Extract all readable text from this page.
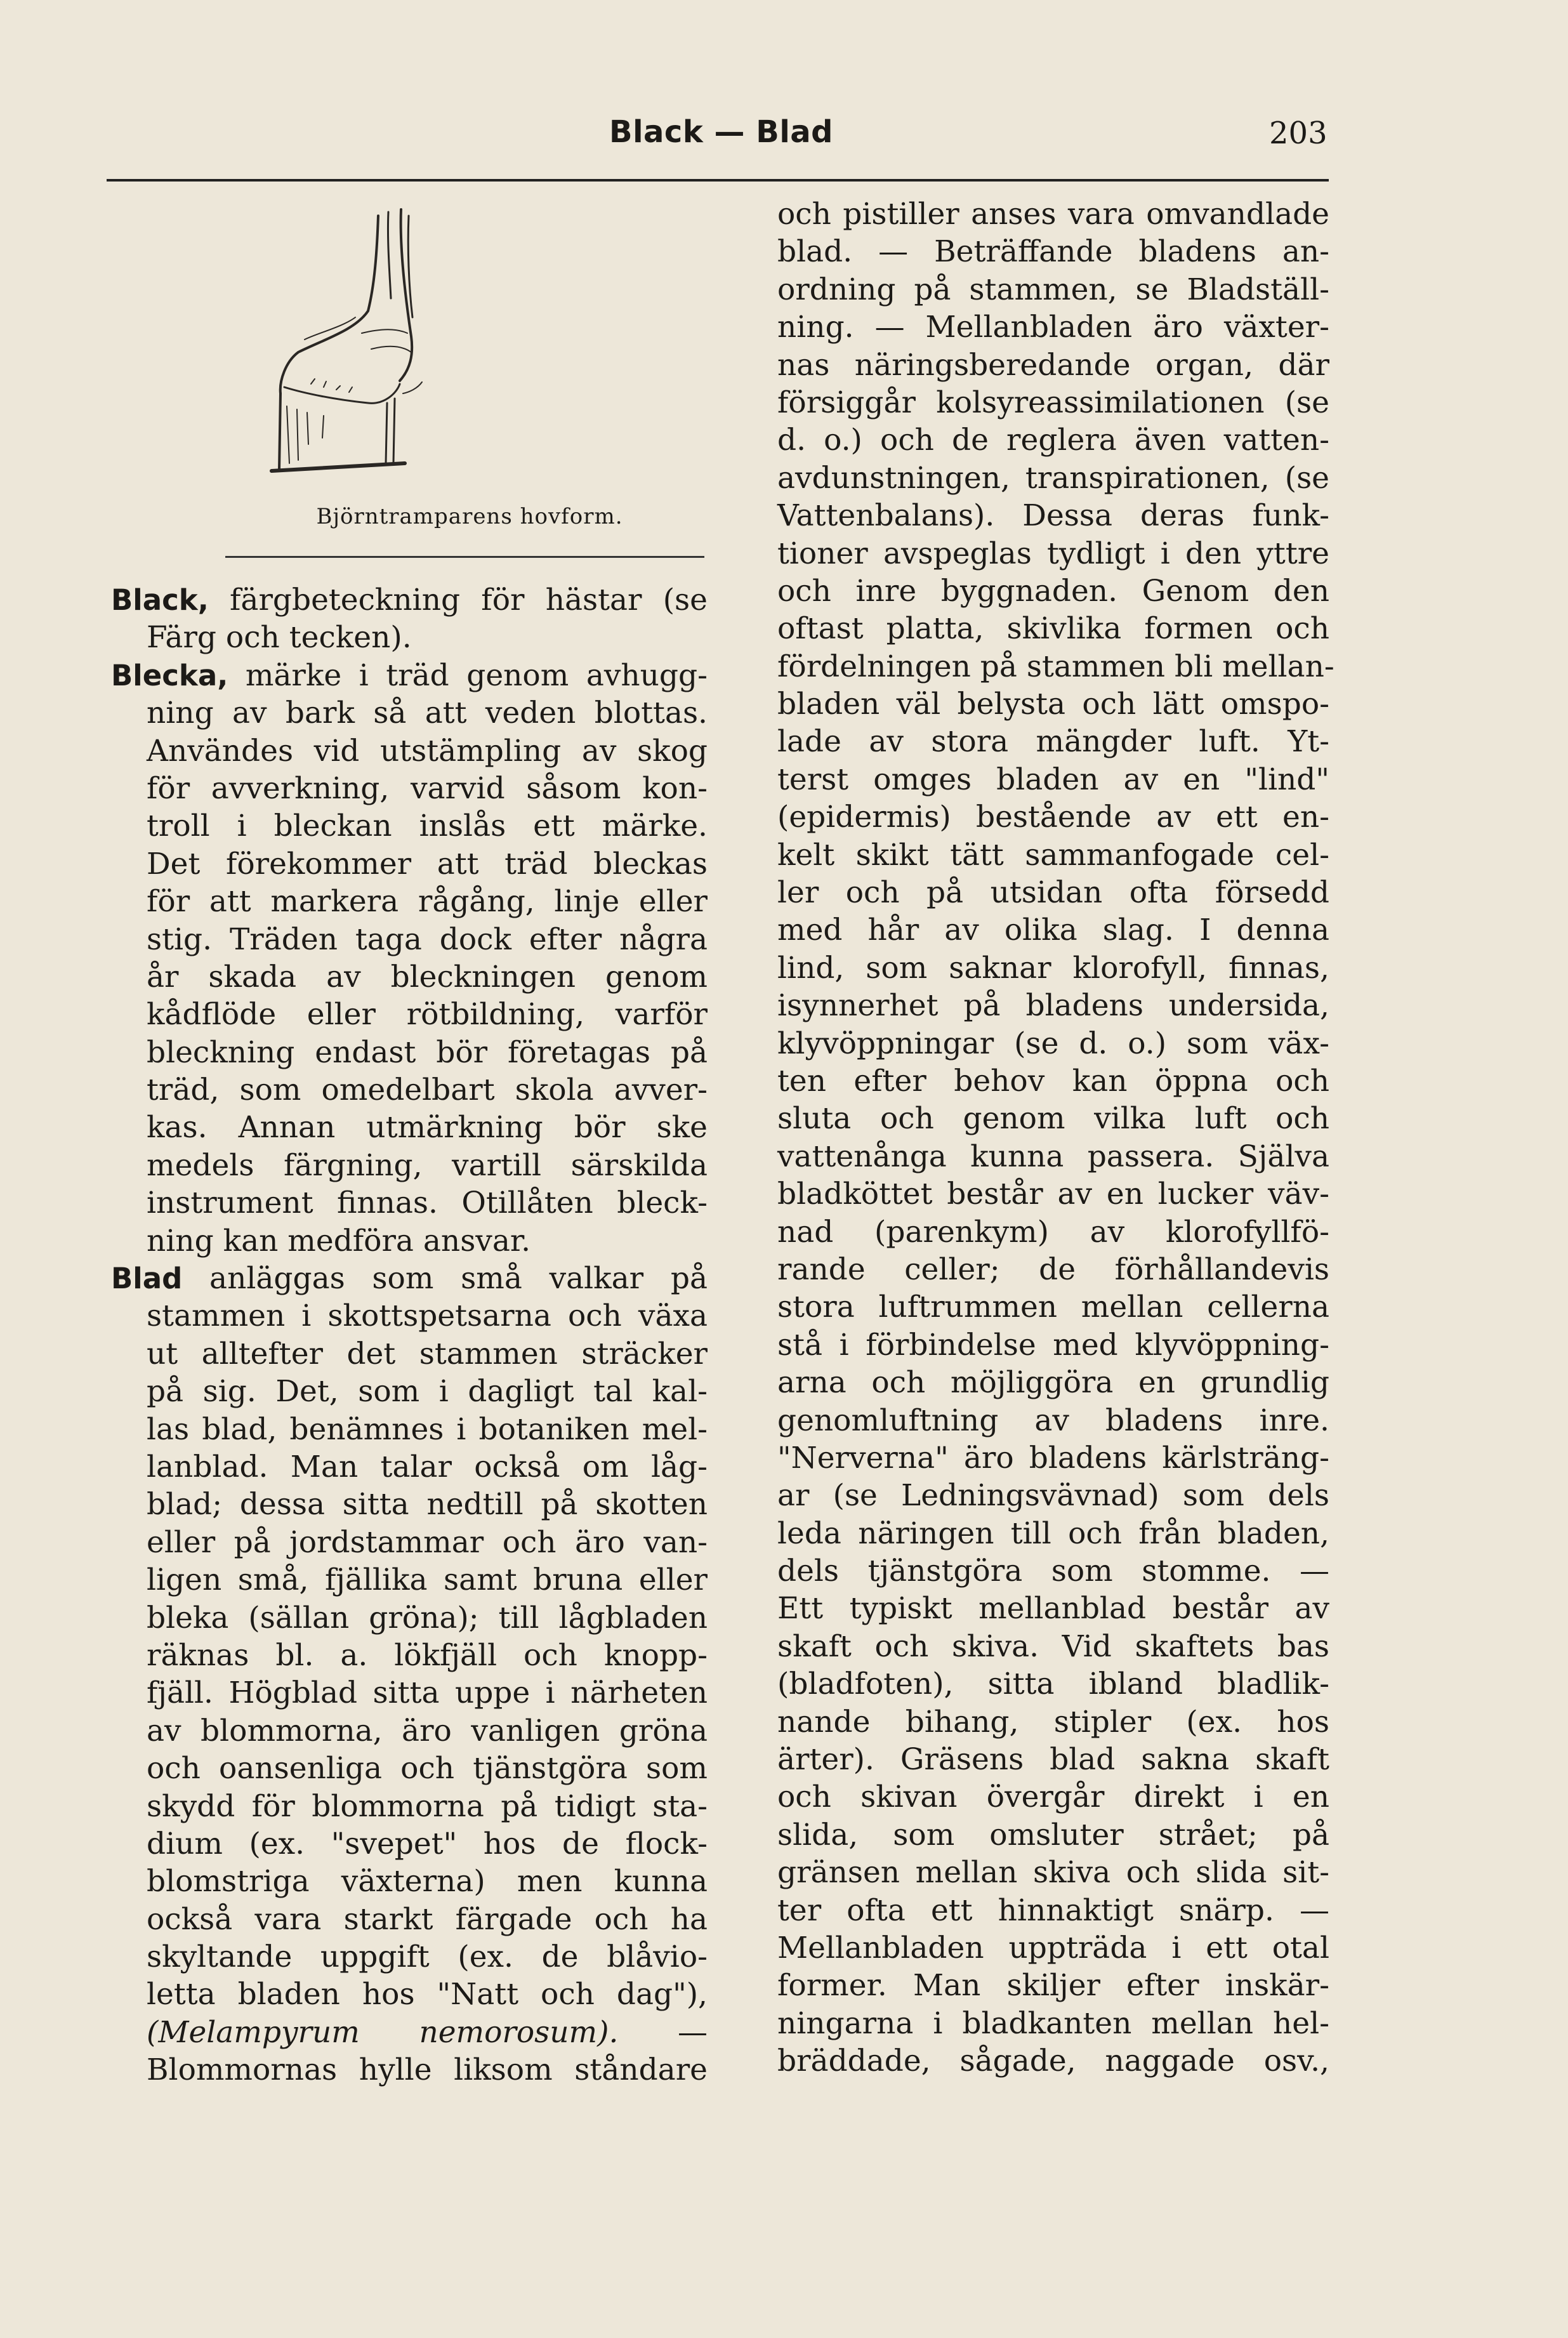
Black — Blad	203
Björntramparens hovform.
Black, färgbeteckning för hästar (se
Färg och tecken).
Blecka, märke i träd genom avhugg-
ning av bark så att veden blottas.
Användes vid utstämpling av skog
för avverkning, varvid såsom kon-
troll i bleckan inslås ett märke.
Det förekommer att träd bleckas
för att markera rågång, linje eller
stig. Träden taga dock efter några
år skada av bleckningen genom
kådflöde eller rötbildning, varför
bleckning endast bör företagas på
träd, som omedelbart skola avver-
kas. Annan utmärkning bör ske
medels färgning, vartill särskilda
instrument finnas. Otillåten bleck-
ning kan medföra ansvar.
Blad anläggas som små valkar på
stammen i skottspetsarna och växa
ut alltefter det stammen sträcker
på sig. Det, som i dagligt tal kal-
las blad, benämnes i botaniken mel-
lanblad. Man talar också om låg-
blad; dessa sitta nedtill på skotten
eller på jordstammar och äro van-
ligen små, fjällika samt bruna eller
bleka (sällan gröna); till lågbladen
räknas bl. a. lökfjäll och knopp-
fjäll. Högblad sitta uppe i närheten
av blommorna, äro vanligen gröna
och oansenliga och tjänstgöra som
skydd för blommorna på tidigt sta-
dium (ex. "svepet" hos de flock-
blomstriga växterna) men kunna
också vara starkt färgade och ha
skyltande uppgift (ex. de blåvio-
letta bladen hos "Natt och dag"),
(Melampyrum nemorosum). —
Blommornas hylle liksom ståndare
och pistiller anses vara omvandlade
blad. — Beträffande bladens an-
ordning på stammen, se Bladställ-
ning. — Mellanbladen äro växter-
nas näringsberedande organ, där
försiggår kolsyreassimilationen (se
d. o.) och de reglera även vatten-
avdunstningen, transpirationen, (se
Vattenbalans). Dessa deras funk-
tioner avspeglas tydligt i den yttre
och inre byggnaden. Genom den
oftast platta, skivlika formen och
fördelningen på stammen bli mellan-
bladen väl belysta och lätt omspo-
lade av stora mängder luft. Yt-
terst omges bladen av en "lind"
(epidermis) bestående av ett en-
kelt skikt tätt sammanfogade cel-
ler och på utsidan ofta försedd
med hår av olika slag. I denna
lind, som saknar klorofyll, finnas,
isynnerhet på bladens undersida,
klyvöppningar (se d. o.) som väx-
ten efter behov kan öppna och
sluta och genom vilka luft och
vattenånga kunna passera. Själva
bladköttet består av en lucker väv-
nad (parenkym) av klorofyllfö-
rande celler; de förhållandevis
stora luftrummen mellan cellerna
stå i förbindelse med klyvöppning-
arna och möjliggöra en grundlig
genomluftning av bladens inre.
"Nerverna" äro bladens kärlsträng-
ar (se Ledningsvävnad) som dels
leda näringen till och från bladen,
dels tjänstgöra som stomme. —
Ett typiskt mellanblad består av
skaft och skiva. Vid skaftets bas
(bladfoten), sitta ibland bladlik-
nande bihang, stipler (ex. hos
ärter). Gräsens blad sakna skaft
och skivan övergår direkt i en
slida, som omsluter strået; på
gränsen mellan skiva och slida sit-
ter ofta ett hinnaktigt snärp. —
Mellanbladen uppträda i ett otal
former. Man skiljer efter inskär-
ningarna i bladkanten mellan hel-
bräddade, sågade, naggade osv.,
